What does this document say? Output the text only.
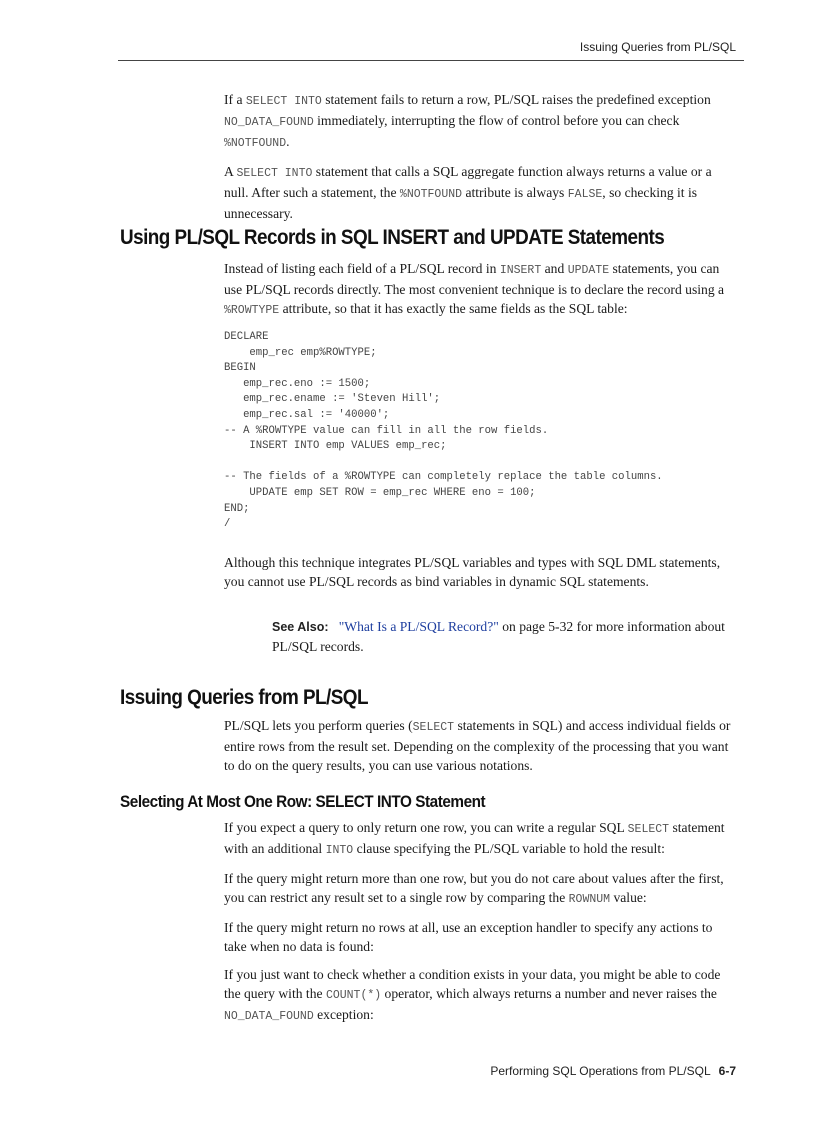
Issuing Queries from PL/SQL

If a SELECT INTO statement fails to return a row, PL/SQL raises the predefined exception NO_DATA_FOUND immediately, interrupting the flow of control before you can check %NOTFOUND.

A SELECT INTO statement that calls a SQL aggregate function always returns a value or a null. After such a statement, the %NOTFOUND attribute is always FALSE, so checking it is unnecessary.

Using PL/SQL Records in SQL INSERT and UPDATE Statements

Instead of listing each field of a PL/SQL record in INSERT and UPDATE statements, you can use PL/SQL records directly. The most convenient technique is to declare the record using a %ROWTYPE attribute, so that it has exactly the same fields as the SQL table:

DECLARE
emp_rec emp%ROWTYPE;
BEGIN
emp_rec.eno := 1500;
emp_rec.ename := 'Steven Hill';
emp_rec.sal := '40000';
-- A %ROWTYPE value can fill in all the row fields.
INSERT INTO emp VALUES emp_rec;

-- The fields of a %ROWTYPE can completely replace the table columns.
UPDATE emp SET ROW = emp_rec WHERE eno = 100;
END;
/

Although this technique integrates PL/SQL variables and types with SQL DML statements, you cannot use PL/SQL records as bind variables in dynamic SQL statements.

See Also: "What Is a PL/SQL Record?" on page 5-32 for more information about PL/SQL records.

Issuing Queries from PL/SQL

PL/SQL lets you perform queries (SELECT statements in SQL) and access individual fields or entire rows from the result set. Depending on the complexity of the processing that you want to do on the query results, you can use various notations.

Selecting At Most One Row: SELECT INTO Statement

If you expect a query to only return one row, you can write a regular SQL SELECT statement with an additional INTO clause specifying the PL/SQL variable to hold the result:

If the query might return more than one row, but you do not care about values after the first, you can restrict any result set to a single row by comparing the ROWNUM value:

If the query might return no rows at all, use an exception handler to specify any actions to take when no data is found:

If you just want to check whether a condition exists in your data, you might be able to code the query with the COUNT(*) operator, which always returns a number and never raises the NO_DATA_FOUND exception:

Performing SQL Operations from PL/SQL 6-7
